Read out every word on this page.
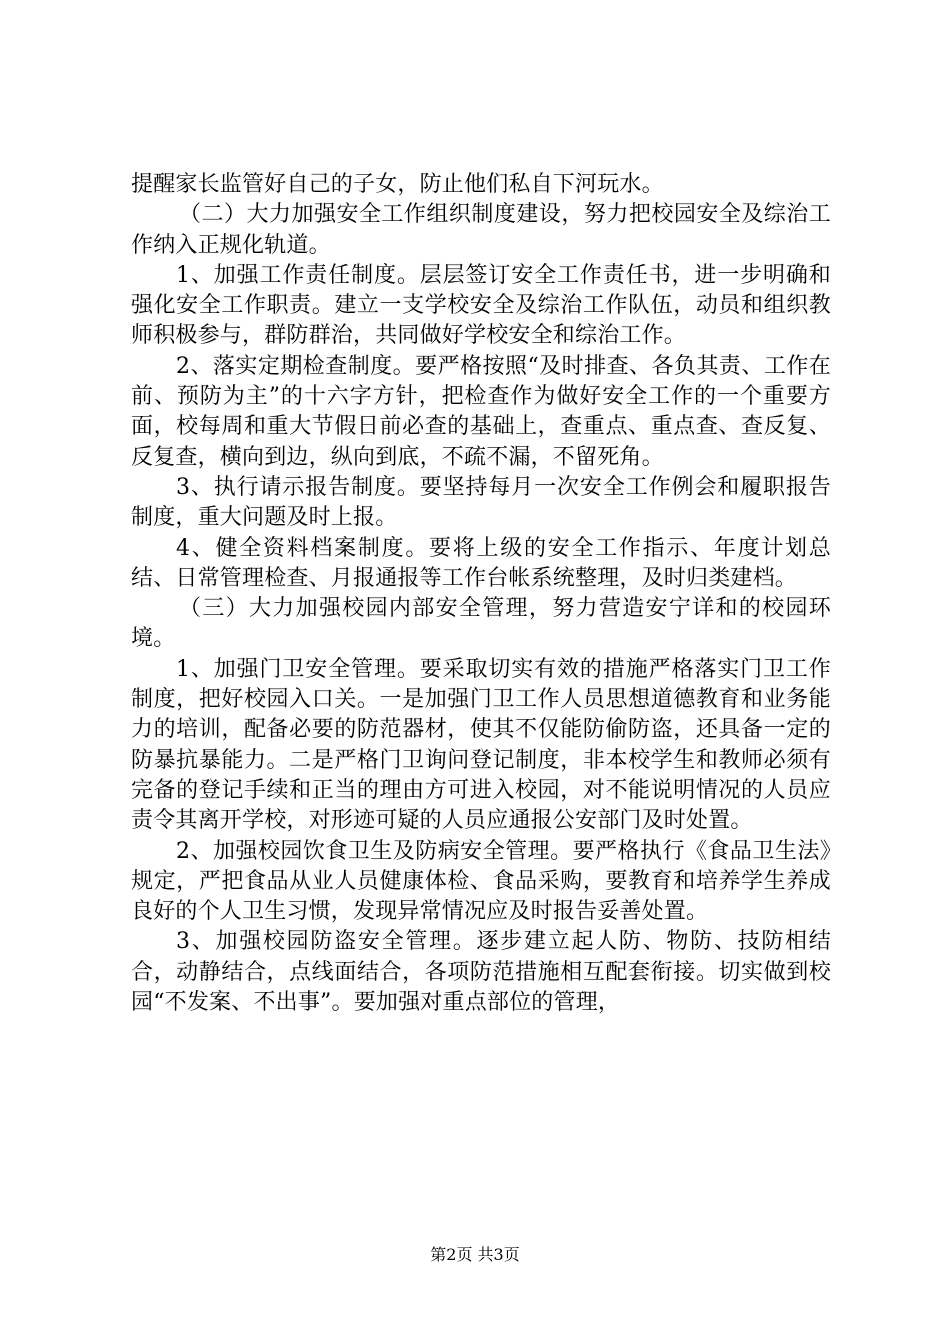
提醒家长监管好自己的子女，防止他们私自下河玩水。

（二）大力加强安全工作组织制度建设，努力把校园安全及综治工作纳入正规化轨道。

1、加强工作责任制度。层层签订安全工作责任书，进一步明确和强化安全工作职责。建立一支学校安全及综治工作队伍，动员和组织教师积极参与，群防群治，共同做好学校安全和综治工作。

2、落实定期检查制度。要严格按照“及时排查、各负其责、工作在前、预防为主”的十六字方针，把检查作为做好安全工作的一个重要方面，校每周和重大节假日前必查的基础上，查重点、重点查、查反复、反复查，横向到边，纵向到底，不疏不漏，不留死角。

3、执行请示报告制度。要坚持每月一次安全工作例会和履职报告制度，重大问题及时上报。

4、健全资料档案制度。要将上级的安全工作指示、年度计划总结、日常管理检查、月报通报等工作台帐系统整理，及时归类建档。

（三）大力加强校园内部安全管理，努力营造安宁详和的校园环境。

1、加强门卫安全管理。要采取切实有效的措施严格落实门卫工作制度，把好校园入口关。一是加强门卫工作人员思想道德教育和业务能力的培训，配备必要的防范器材，使其不仅能防偷防盗，还具备一定的防暴抗暴能力。二是严格门卫询问登记制度，非本校学生和教师必须有完备的登记手续和正当的理由方可进入校园，对不能说明情况的人员应责令其离开学校，对形迹可疑的人员应通报公安部门及时处置。

2、加强校园饮食卫生及防病安全管理。要严格执行《食品卫生法》规定，严把食品从业人员健康体检、食品采购，要教育和培养学生养成良好的个人卫生习惯，发现异常情况应及时报告妥善处置。

3、加强校园防盗安全管理。逐步建立起人防、物防、技防相结合，动静结合，点线面结合，各项防范措施相互配套衔接。切实做到校园“不发案、不出事”。要加强对重点部位的管理，

第2页 共3页
